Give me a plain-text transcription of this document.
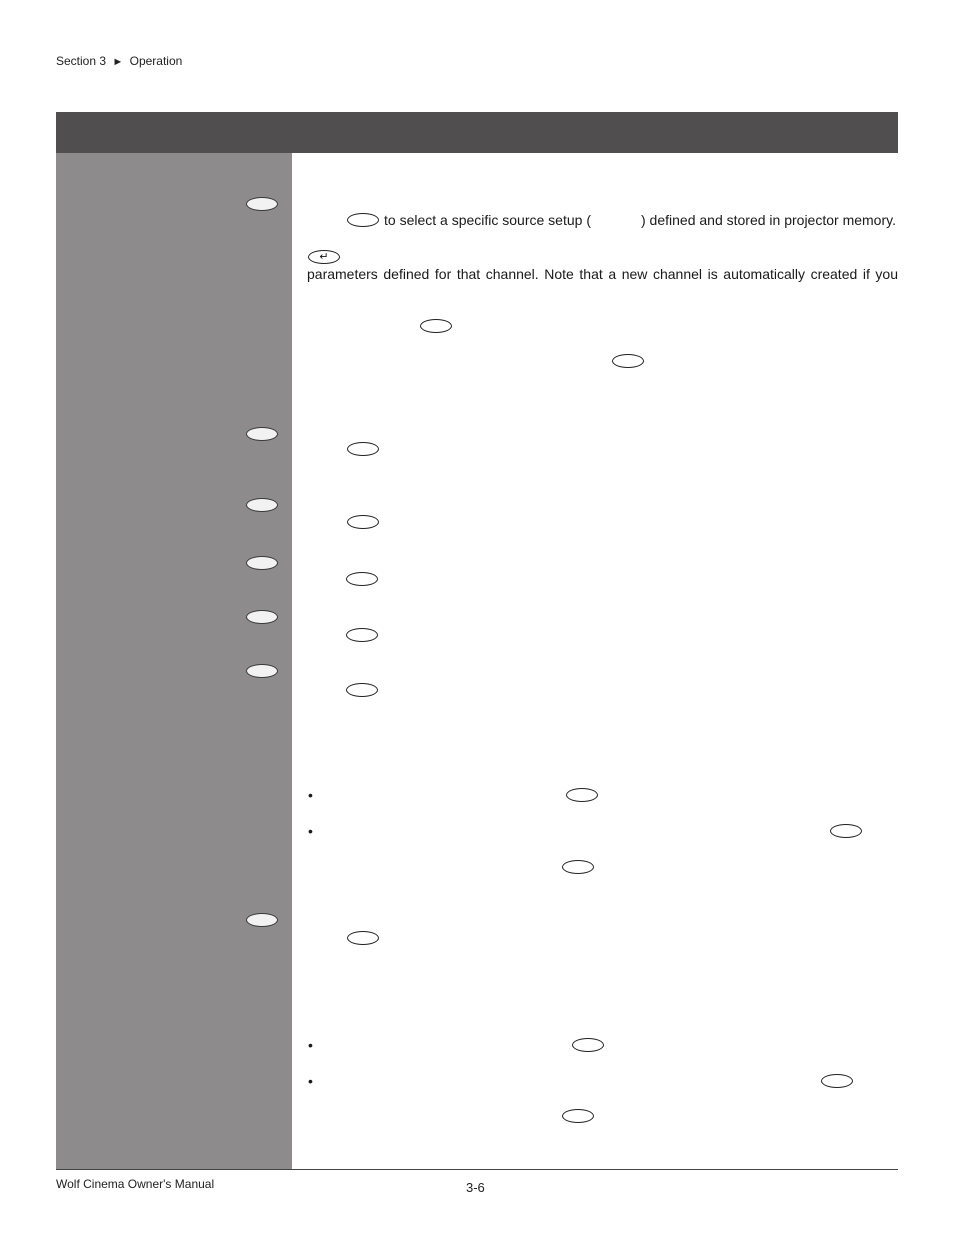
Section 3 ► Operation
to select a specific source setup (	) defined and stored in projector memory.
↵
parameters defined for that channel. Note that a new channel is automatically created if you
•
•
•
•
Wolf Cinema Owner's Manual	3-6
